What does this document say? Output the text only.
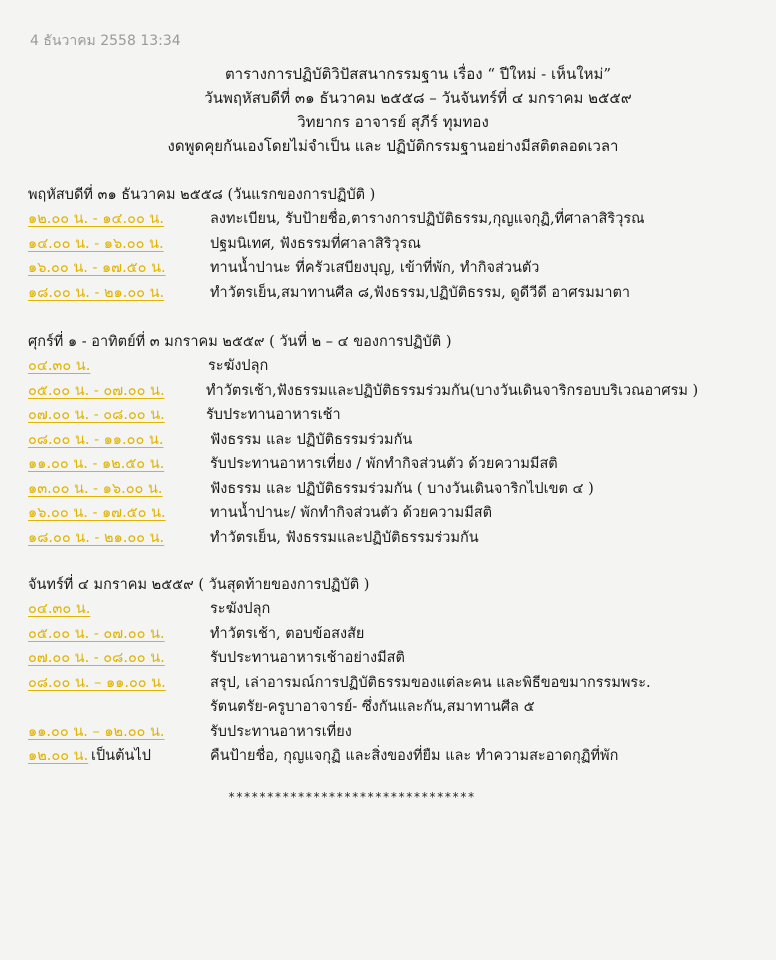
4 ธันวาคม 2558 13:34
ตารางการปฏิบัติวิปัสสนากรรมฐาน เรื่อง “ ปีใหม่ - เห็นใหม่”
วันพฤหัสบดีที่ ๓๑ ธันวาคม ๒๕๕๘ – วันจันทร์ที่ ๔ มกราคม ๒๕๕๙
วิทยากร อาจารย์ สุภีร์ ทุมทอง
งดพูดคุยกันเองโดยไม่จำเป็น และ ปฏิบัติกรรมฐานอย่างมีสติตลอดเวลา
พฤหัสบดีที่ ๓๑ ธันวาคม ๒๕๕๘ (วันแรกของการปฏิบัติ )
๑๒.๐๐ น. - ๑๔.๐๐ น.	ลงทะเบียน, รับป้ายชื่อ,ตารางการปฏิบัติธรรม,กุญแจกุฏิ,ที่ศาลาสิริวุรณ
๑๔.๐๐ น. - ๑๖.๐๐ น.	ปฐมนิเทศ, ฟังธรรมที่ศาลาสิริวุรณ
๑๖.๐๐ น. - ๑๗.๕๐ น.	ทานน้ำปานะ ที่ครัวเสบียงบุญ, เข้าที่พัก, ทำกิจส่วนตัว
๑๘.๐๐ น. - ๒๑.๐๐ น.	ทำวัตรเย็น,สมาทานศีล ๘,ฟังธรรม,ปฏิบัติธรรม, ดูดีวีดี อาศรมมาตา
ศุกร์ที่ ๑ - อาทิตย์ที่ ๓ มกราคม ๒๕๕๙ ( วันที่ ๒ – ๔ ของการปฏิบัติ )
๐๔.๓๐ น.	ระฆังปลุก
๐๕.๐๐ น. - ๐๗.๐๐ น.	ทำวัตรเช้า,ฟังธรรมและปฏิบัติธรรมร่วมกัน(บางวันเดินจาริกรอบบริเวณอาศรม )
๐๗.๐๐ น. - ๐๘.๐๐ น.	รับประทานอาหารเช้า
๐๘.๐๐ น. - ๑๑.๐๐ น.	ฟังธรรม และ ปฏิบัติธรรมร่วมกัน
๑๑.๐๐ น. - ๑๒.๕๐ น.	รับประทานอาหารเที่ยง / พักทำกิจส่วนตัว ด้วยความมีสติ
๑๓.๐๐ น. - ๑๖.๐๐ น.	ฟังธรรม และ ปฏิบัติธรรมร่วมกัน ( บางวันเดินจาริกไปเขต ๔ )
๑๖.๐๐ น. - ๑๗.๕๐ น.	ทานน้ำปานะ/ พักทำกิจส่วนตัว ด้วยความมีสติ
๑๘.๐๐ น. - ๒๑.๐๐ น.	ทำวัตรเย็น, ฟังธรรมและปฏิบัติธรรมร่วมกัน
จันทร์ที่ ๔ มกราคม ๒๕๕๙ ( วันสุดท้ายของการปฏิบัติ )
๐๔.๓๐ น.	ระฆังปลุก
๐๕.๐๐ น. - ๐๗.๐๐ น.	ทำวัตรเช้า, ตอบข้อสงสัย
๐๗.๐๐ น. - ๐๘.๐๐ น.	รับประทานอาหารเช้าอย่างมีสติ
๐๘.๐๐ น. – ๑๑.๐๐ น.	สรุป, เล่าอารมณ์การปฏิบัติธรรมของแต่ละคน และพิธีขอขมากรรมพระ.
รัตนตรัย-ครูบาอาจารย์- ซึ่งกันและกัน,สมาทานศีล ๕
๑๑.๐๐ น. – ๑๒.๐๐ น.	รับประทานอาหารเที่ยง
๑๒.๐๐ น. เป็นต้นไป	คืนป้ายชื่อ, กุญแจกุฏิ และสิ่งของที่ยืม และ ทำความสะอาดกุฏิที่พัก
********************************
